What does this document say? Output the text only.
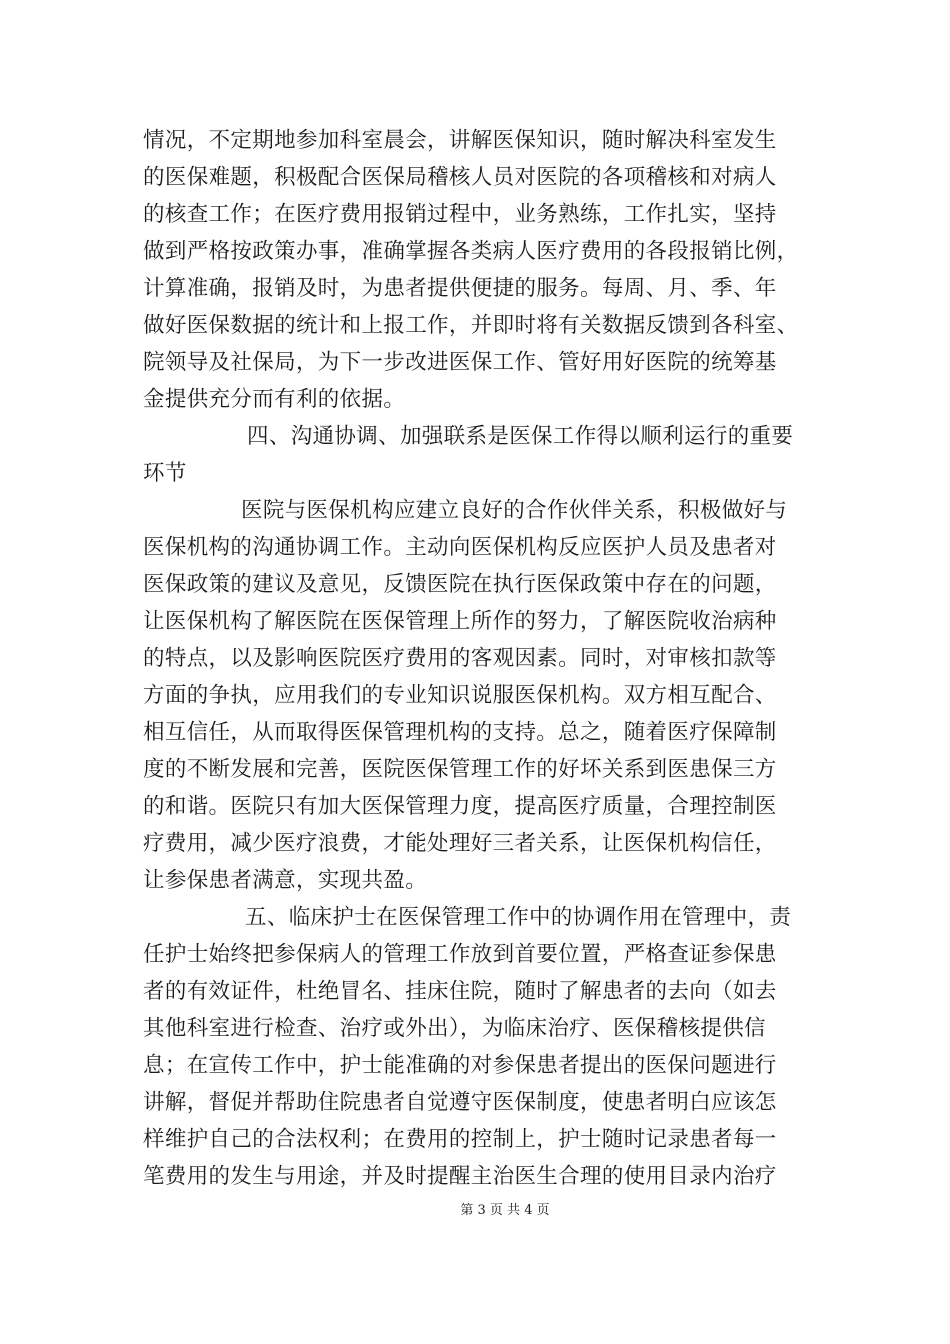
情况，不定期地参加科室晨会，讲解医保知识，随时解决科室发生
的医保难题，积极配合医保局稽核人员对医院的各项稽核和对病人
的核查工作；在医疗费用报销过程中，业务熟练，工作扎实，坚持
做到严格按政策办事，准确掌握各类病人医疗费用的各段报销比例，
计算准确，报销及时，为患者提供便捷的服务。每周、月、季、年
做好医保数据的统计和上报工作，并即时将有关数据反馈到各科室、
院领导及社保局，为下一步改进医保工作、管好用好医院的统筹基
金提供充分而有利的依据。
四、沟通协调、加强联系是医保工作得以顺利运行的重要
环节
医院与医保机构应建立良好的合作伙伴关系，积极做好与
医保机构的沟通协调工作。主动向医保机构反应医护人员及患者对
医保政策的建议及意见，反馈医院在执行医保政策中存在的问题，
让医保机构了解医院在医保管理上所作的努力，了解医院收治病种
的特点，以及影响医院医疗费用的客观因素。同时，对审核扣款等
方面的争执，应用我们的专业知识说服医保机构。双方相互配合、
相互信任，从而取得医保管理机构的支持。总之，随着医疗保障制
度的不断发展和完善，医院医保管理工作的好坏关系到医患保三方
的和谐。医院只有加大医保管理力度，提高医疗质量，合理控制医
疗费用，减少医疗浪费，才能处理好三者关系，让医保机构信任，
让参保患者满意，实现共盈。
五、临床护士在医保管理工作中的协调作用在管理中，责
任护士始终把参保病人的管理工作放到首要位置，严格查证参保患
者的有效证件，杜绝冒名、挂床住院，随时了解患者的去向（如去
其他科室进行检查、治疗或外出），为临床治疗、医保稽核提供信
息；在宣传工作中，护士能准确的对参保患者提出的医保问题进行
讲解，督促并帮助住院患者自觉遵守医保制度，使患者明白应该怎
样维护自己的合法权利；在费用的控制上，护士随时记录患者每一
笔费用的发生与用途，并及时提醒主治医生合理的使用目录内治疗
第 3 页 共 4 页
